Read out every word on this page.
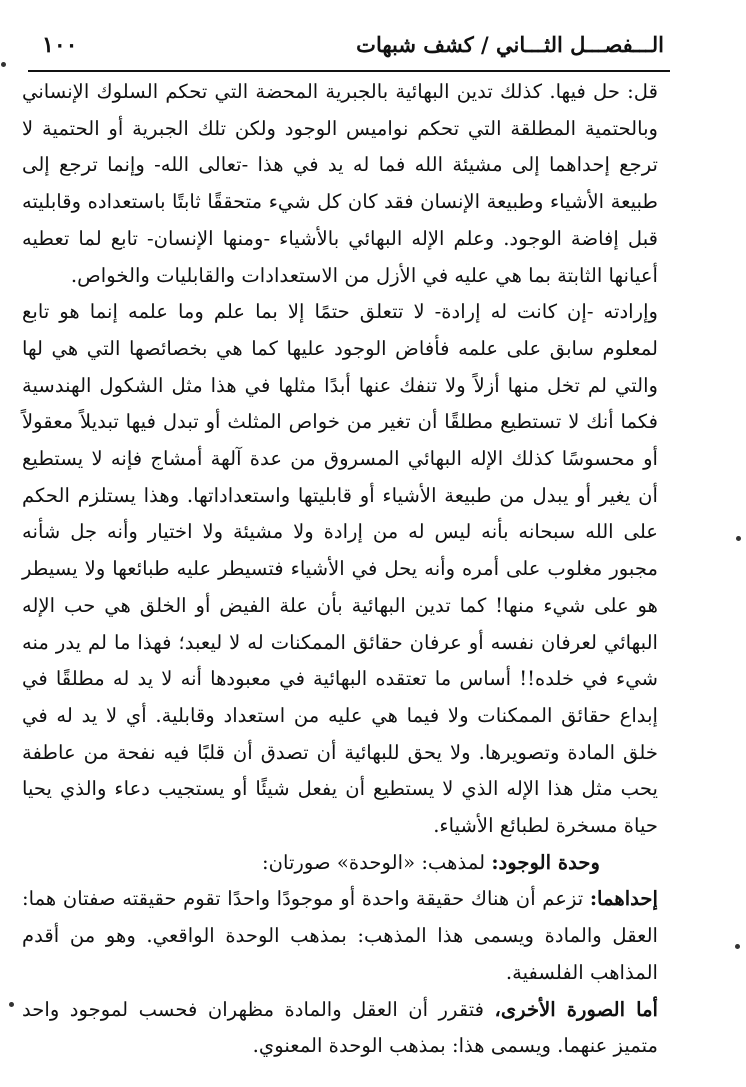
١٠٠	الـــفصـــل الثـــاني / كشف شبهات

قل: حل فيها. كذلك تدين البهائية بالجبرية المحضة التي تحكم السلوك الإنساني وبالحتمية المطلقة التي تحكم نواميس الوجود ولكن تلك الجبرية أو الحتمية لا ترجع إحداهما إلى مشيئة الله فما له يد في هذا -تعالى الله- وإنما ترجع إلى طبيعة الأشياء وطبيعة الإنسان فقد كان كل شيء متحققًا ثابتًا باستعداده وقابليته قبل إفاضة الوجود. وعلم الإله البهائي بالأشياء -ومنها الإنسان- تابع لما تعطيه أعيانها الثابتة بما هي عليه في الأزل من الاستعدادات والقابليات والخواص.

وإرادته -إن كانت له إرادة- لا تتعلق حتمًا إلا بما علم وما علمه إنما هو تابع لمعلوم سابق على علمه فأفاض الوجود عليها كما هي بخصائصها التي هي لها والتي لم تخل منها أزلاً ولا تنفك عنها أبدًا مثلها في هذا مثل الشكول الهندسية فكما أنك لا تستطيع مطلقًا أن تغير من خواص المثلث أو تبدل فيها تبديلاً معقولاً أو محسوسًا كذلك الإله البهائي المسروق من عدة آلهة أمشاج فإنه لا يستطيع أن يغير أو يبدل من طبيعة الأشياء أو قابليتها واستعداداتها. وهذا يستلزم الحكم على الله سبحانه بأنه ليس له من إرادة ولا مشيئة ولا اختيار وأنه جل شأنه مجبور مغلوب على أمره وأنه يحل في الأشياء فتسيطر عليه طبائعها ولا يسيطر هو على شيء منها! كما تدين البهائية بأن علة الفيض أو الخلق هي حب الإله البهائي لعرفان نفسه أو عرفان حقائق الممكنات له لا ليعبد؛ فهذا ما لم يدر منه شيء في خلده!! أساس ما تعتقده البهائية في معبودها أنه لا يد له مطلقًا في إبداع حقائق الممكنات ولا فيما هي عليه من استعداد وقابلية. أي لا يد له في خلق المادة وتصويرها. ولا يحق للبهائية أن تصدق أن قلبًا فيه نفحة من عاطفة يحب مثل هذا الإله الذي لا يستطيع أن يفعل شيئًا أو يستجيب دعاء والذي يحيا حياة مسخرة لطبائع الأشياء.

وحدة الوجود: لمذهب: «الوحدة» صورتان:

إحداهما: تزعم أن هناك حقيقة واحدة أو موجودًا واحدًا تقوم حقيقته صفتان هما: العقل والمادة ويسمى هذا المذهب: بمذهب الوحدة الواقعي. وهو من أقدم المذاهب الفلسفية.

أما الصورة الأخرى، فتقرر أن العقل والمادة مظهران فحسب لموجود واحد متميز عنهما. ويسمى هذا: بمذهب الوحدة المعنوي.
